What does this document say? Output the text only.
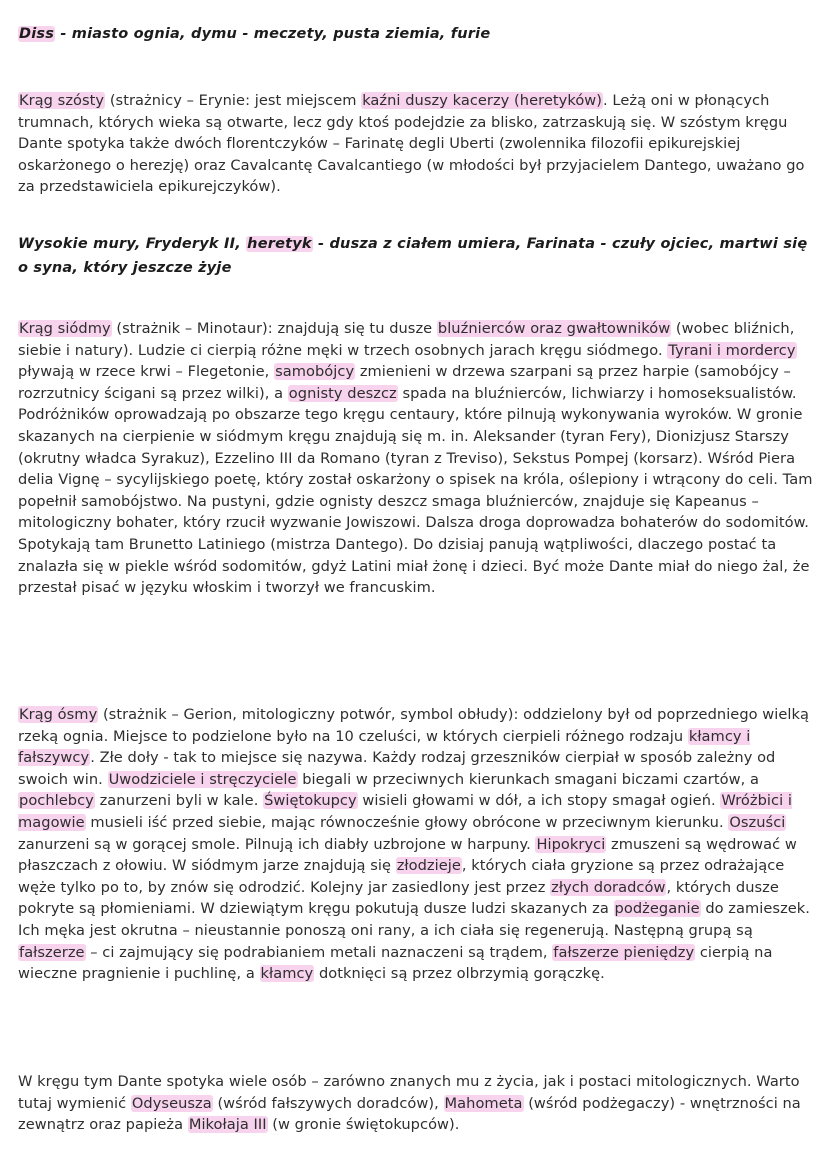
Diss - miasto ognia, dymu - meczety, pusta ziemia, furie
Krąg szósty (strażnicy – Erynie: jest miejscem kaźni duszy kacerzy (heretyków). Leżą oni w płonących trumnach, których wieka są otwarte, lecz gdy ktoś podejdzie za blisko, zatrzaskują się. W szóstym kręgu Dante spotyka także dwóch florentczyków – Farinatę degli Uberti (zwolennika filozofii epikurejskiej oskarżonego o herezję) oraz Cavalcantę Cavalcantiego (w młodości był przyjacielem Dantego, uważano go za przedstawiciela epikurejczyków).
Wysokie mury, Fryderyk II, heretyk - dusza z ciałem umiera, Farinata - czuły ojciec, martwi się o syna, który jeszcze żyje
Krąg siódmy (strażnik – Minotaur): znajdują się tu dusze bluźnierców oraz gwałtowników (wobec bliźnich, siebie i natury). Ludzie ci cierpią różne męki w trzech osobnych jarach kręgu siódmego. Tyrani i mordercy pływają w rzece krwi – Flegetonie, samobójcy zmienieni w drzewa szarpani są przez harpie (samobójcy – rozrzutnicy ścigani są przez wilki), a ognisty deszcz spada na bluźnierców, lichwiarzy i homoseksualistów. Podróżników oprowadzają po obszarze tego kręgu centaury, które pilnują wykonywania wyroków. W gronie skazanych na cierpienie w siódmym kręgu znajdują się m. in. Aleksander (tyran Fery), Dionizjusz Starszy (okrutny władca Syrakuz), Ezzelino III da Romano (tyran z Treviso), Sekstus Pompej (korsarz). Wśród Piera delia Vignę – sycylijskiego poetę, który został oskarżony o spisek na króla, oślepiony i wtrącony do celi. Tam popełnił samobójstwo. Na pustyni, gdzie ognisty deszcz smaga bluźnierców, znajduje się Kapeanus – mitologiczny bohater, który rzucił wyzwanie Jowiszowi. Dalsza droga doprowadza bohaterów do sodomitów. Spotykają tam Brunetto Latiniego (mistrza Dantego). Do dzisiaj panują wątpliwości, dlaczego postać ta znalazła się w piekle wśród sodomitów, gdyż Latini miał żonę i dzieci. Być może Dante miał do niego żal, że przestał pisać w języku włoskim i tworzył we francuskim.
Krąg ósmy (strażnik – Gerion, mitologiczny potwór, symbol obłudy): oddzielony był od poprzedniego wielką rzeką ognia. Miejsce to podzielone było na 10 czeluści, w których cierpieli różnego rodzaju kłamcy i fałszywcy. Złe doły - tak to miejsce się nazywa. Każdy rodzaj grzeszników cierpiał w sposób zależny od swoich win. Uwodziciele i stręczyciele biegali w przeciwnych kierunkach smagani biczami czartów, a pochlebcy zanurzeni byli w kale. Świętokupcy wisieli głowami w dół, a ich stopy smagał ogień. Wróżbici i magowie musieli iść przed siebie, mając równocześnie głowy obrócone w przeciwnym kierunku. Oszuści zanurzeni są w gorącej smole. Pilnują ich diabły uzbrojone w harpuny. Hipokryci zmuszeni są wędrować w płaszczach z ołowiu. W siódmym jarze znajdują się złodzieje, których ciała gryzione są przez odrażające węże tylko po to, by znów się odrodzić. Kolejny jar zasiedlony jest przez złych doradców, których dusze pokryte są płomieniami. W dziewiątym kręgu pokutują dusze ludzi skazanych za podżeganie do zamieszek. Ich męka jest okrutna – nieustannie ponoszą oni rany, a ich ciała się regenerują. Następną grupą są fałszerze – ci zajmujący się podrabianiem metali naznaczeni są trądem, fałszerze pieniędzy cierpią na wieczne pragnienie i puchlinę, a kłamcy dotknięci są przez olbrzymią gorączkę.
W kręgu tym Dante spotyka wiele osób – zarówno znanych mu z życia, jak i postaci mitologicznych. Warto tutaj wymienić Odyseusza (wśród fałszywych doradców), Mahometa (wśród podżegaczy) - wnętrzności na zewnątrz oraz papieża Mikołaja III (w gronie świętokupców).
